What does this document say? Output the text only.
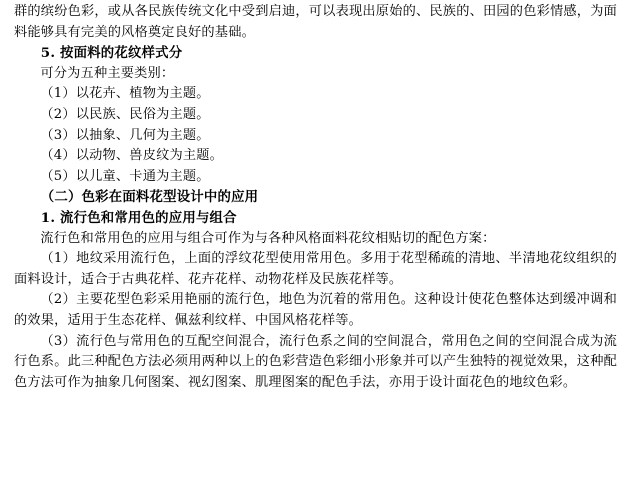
群的缤纷色彩，或从各民族传统文化中受到启迪，可以表现出原始的、民族的、田园的色彩情感，为面料能够具有完美的风格奠定良好的基础。

5. 按面料的花纹样式分

可分为五种主要类别：

（1）以花卉、植物为主题。

（2）以民族、民俗为主题。

（3）以抽象、几何为主题。

（4）以动物、兽皮纹为主题。

（5）以儿童、卡通为主题。

（二）色彩在面料花型设计中的应用

1. 流行色和常用色的应用与组合

流行色和常用色的应用与组合可作为与各种风格面料花纹相贴切的配色方案：

（1）地纹采用流行色，上面的浮纹花型使用常用色。多用于花型稀疏的清地、半清地花纹组织的面料设计，适合于古典花样、花卉花样、动物花样及民族花样等。

（2）主要花型色彩采用艳丽的流行色，地色为沉着的常用色。这种设计使花色整体达到缓冲调和的效果，适用于生态花样、佩兹利纹样、中国风格花样等。

（3）流行色与常用色的互配空间混合，流行色系之间的空间混合，常用色之间的空间混合成为流行色系。此三种配色方法必须用两种以上的色彩营造色彩细小形象并可以产生独特的视觉效果，这种配色方法可作为抽象几何图案、视幻图案、肌理图案的配色手法，亦用于设计面花色的地纹色彩。
